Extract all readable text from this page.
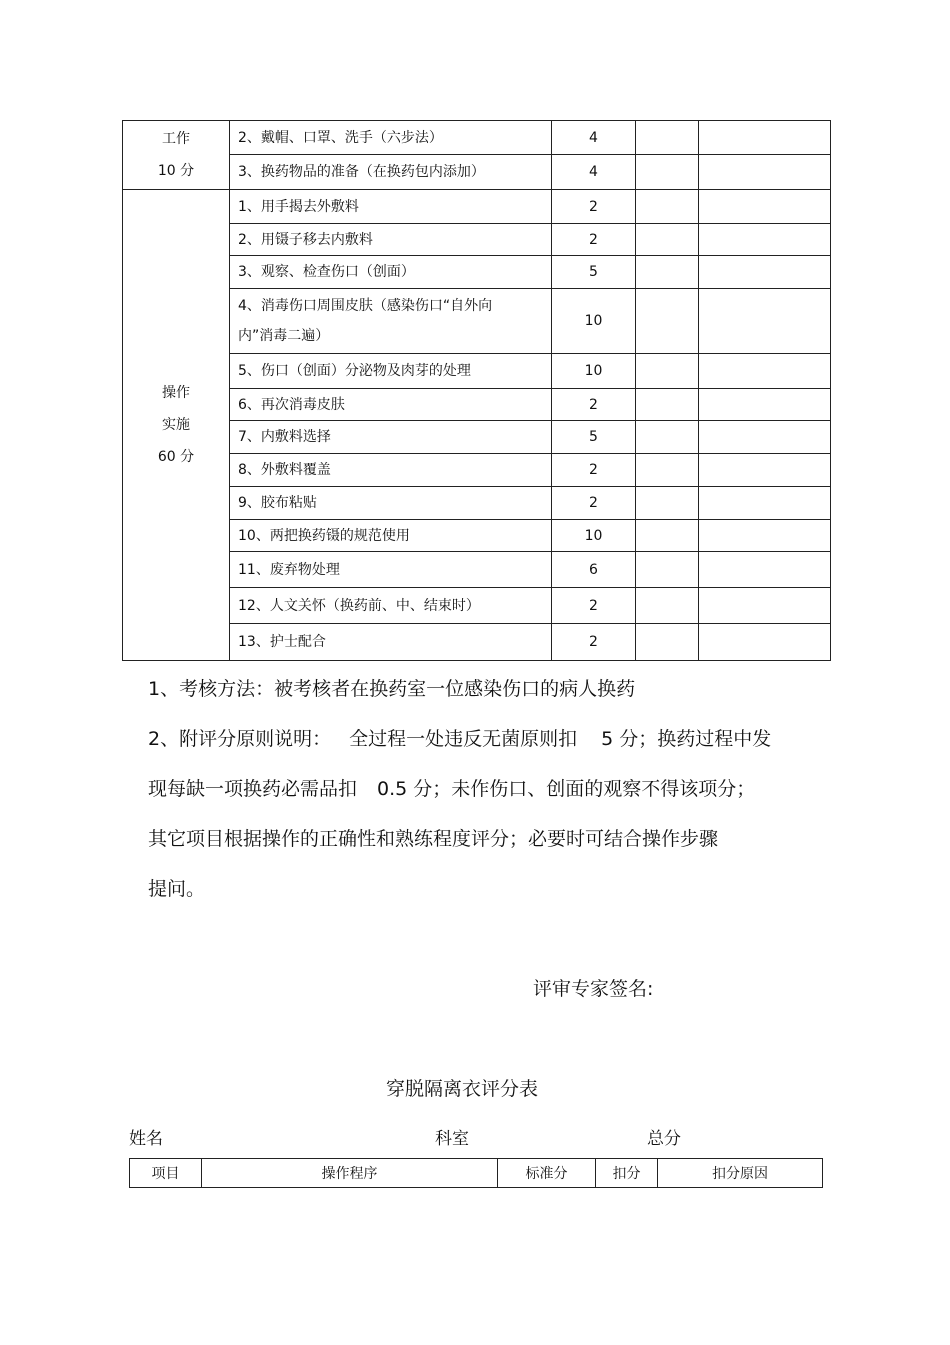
工作
10 分	2、戴帽、口罩、洗手（六步法）	4		
	3、换药物品的准备（在换药包内添加）	4		

操作
实施
60 分	1、用手揭去外敷料	2		
	2、用镊子移去内敷料	2		
	3、观察、检查伤口（创面）	5		

	4、消毒伤口周围皮肤（感染伤口“自外向
内”消毒二遍）	10		
	5、伤口（创面）分泌物及肉芽的处理	10		
	6、再次消毒皮肤	2		
	7、内敷料选择	5		
	8、外敷料覆盖	2		
	9、胶布粘贴	2		
	10、两把换药镊的规范使用	10		
	11、废弃物处理	6		
	12、人文关怀（换药前、中、结束时）	2		
	13、护士配合	2		
1、考核方法：被考核者在换药室一位感染伤口的病人换药
2、附评分原则说明： 全过程一处违反无菌原则扣 5 分；换药过程中发
现每缺一项换药必需品扣 0.5 分；未作伤口、创面的观察不得该项分；
其它项目根据操作的正确性和熟练程度评分；必要时可结合操作步骤
提问。
评审专家签名:
穿脱隔离衣评分表
姓名	科室	总分
项目	操作程序	标准分	扣分	扣分原因
